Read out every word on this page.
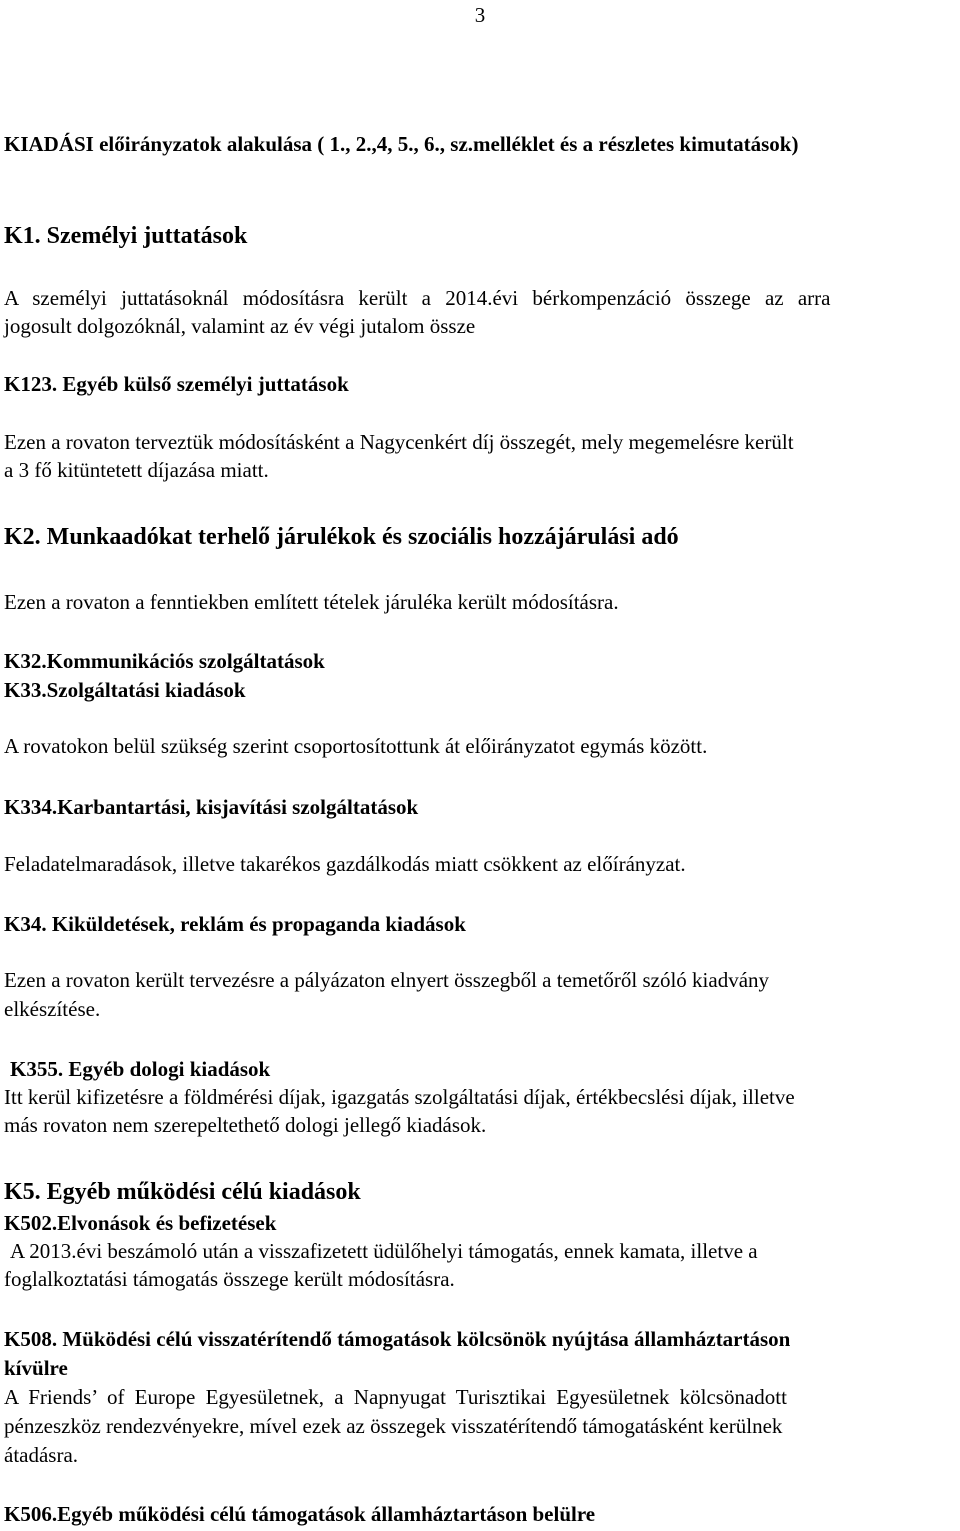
3
KIADÁSI előirányzatok alakulása ( 1., 2.,4, 5., 6., sz.melléklet és a részletes kimutatások)
K1. Személyi juttatások
A személyi juttatásoknál módosításra került a 2014.évi bérkompenzáció összege az arra
jogosult dolgozóknál, valamint az év végi jutalom össze
K123. Egyéb külső személyi juttatások
Ezen a rovaton terveztük módosításként a Nagycenkért díj összegét, mely megemelésre került
a 3 fő kitüntetett díjazása miatt.
K2. Munkaadókat terhelő járulékok és szociális hozzájárulási adó
Ezen a rovaton a fenntiekben említett tételek járuléka került módosításra.
K32.Kommunikációs szolgáltatások
K33.Szolgáltatási kiadások
A rovatokon belül szükség szerint csoportosítottunk át előirányzatot egymás között.
K334.Karbantartási, kisjavítási szolgáltatások
Feladatelmaradások, illetve takarékos gazdálkodás miatt csökkent az előírányzat.
K34. Kiküldetések, reklám és propaganda kiadások
Ezen a rovaton került tervezésre a pályázaton elnyert összegből a temetőről szóló kiadvány
elkészítése.
K355. Egyéb dologi kiadások
Itt kerül kifizetésre a földmérési díjak, igazgatás szolgáltatási díjak, értékbecslési díjak, illetve
más rovaton nem szerepeltethető dologi jellegő kiadások.
K5. Egyéb működési célú kiadások
K502.Elvonások és befizetések
A 2013.évi beszámoló után a visszafizetett üdülőhelyi támogatás, ennek kamata, illetve a
foglalkoztatási támogatás összege került módosításra.
K508. Müködési célú visszatérítendő támogatások kölcsönök nyújtása államháztartáson
kívülre
A Friends’ of Europe Egyesületnek, a Napnyugat Turisztikai Egyesületnek kölcsönadott
pénzeszköz rendezvényekre, mível ezek az összegek visszatérítendő támogatásként kerülnek
átadásra.
K506.Egyéb működési célú támogatások államháztartáson belülre
